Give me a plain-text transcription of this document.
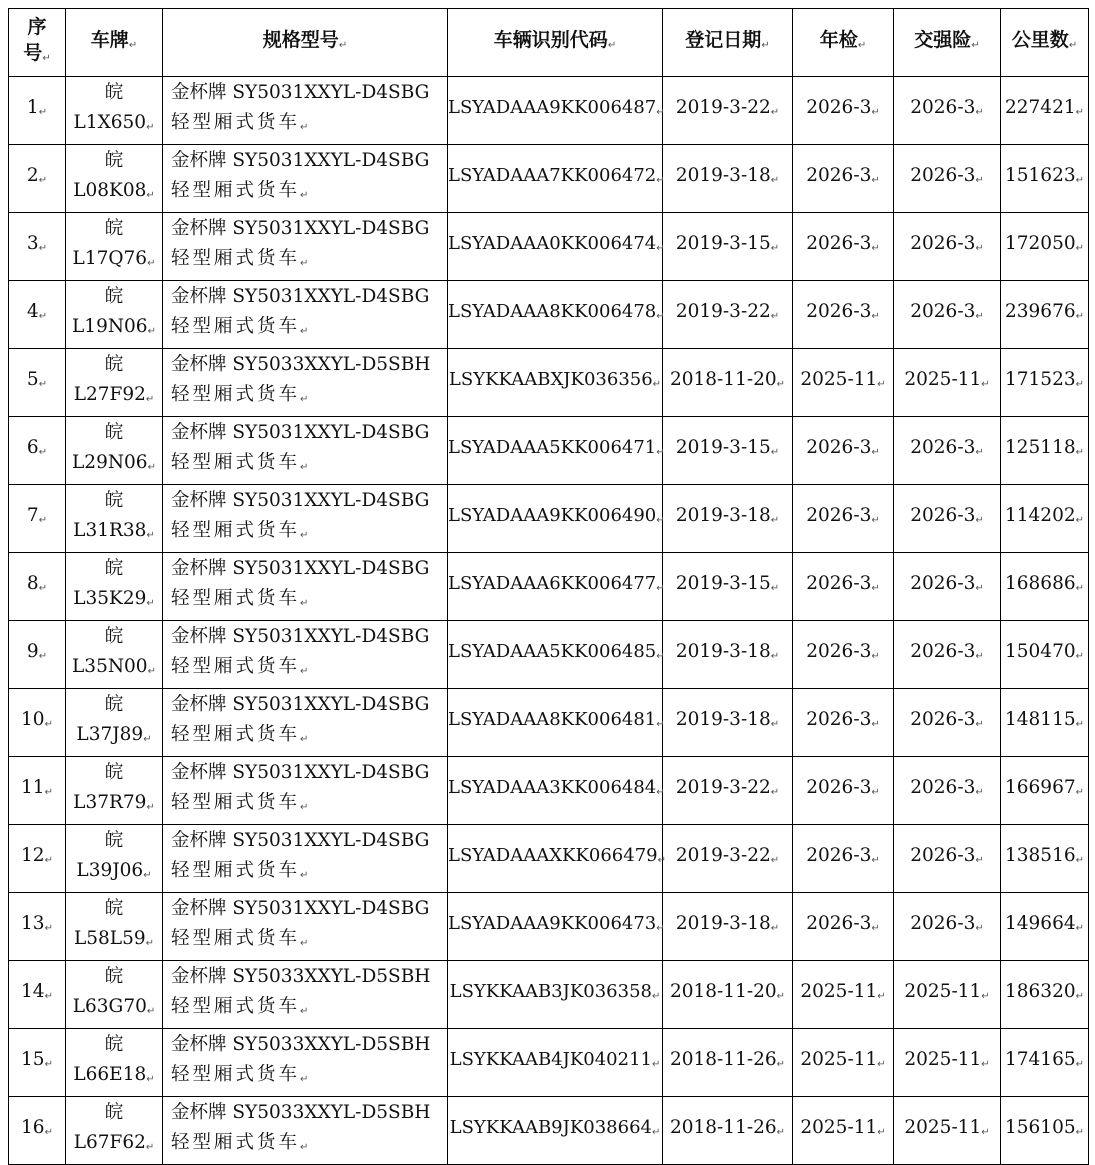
序
号↵	车牌↵	规格型号↵	车辆识别代码↵	登记日期↵	年检↵	交强险↵	公里数↵
1↵	皖
L1X650↵	金杯牌 SY5031XXYL-D4SBG
轻型厢式货车↵	LSYADAAA9KK006487↵	2019-3-22↵	2026-3↵	2026-3↵	227421↵
2↵	皖
L08K08↵	金杯牌 SY5031XXYL-D4SBG
轻型厢式货车↵	LSYADAAA7KK006472↵	2019-3-18↵	2026-3↵	2026-3↵	151623↵
3↵	皖
L17Q76↵	金杯牌 SY5031XXYL-D4SBG
轻型厢式货车↵	LSYADAAA0KK006474↵	2019-3-15↵	2026-3↵	2026-3↵	172050↵
4↵	皖
L19N06↵	金杯牌 SY5031XXYL-D4SBG
轻型厢式货车↵	LSYADAAA8KK006478↵	2019-3-22↵	2026-3↵	2026-3↵	239676↵
5↵	皖
L27F92↵	金杯牌 SY5033XXYL-D5SBH
轻型厢式货车↵	LSYKKAABXJK036356↵	2018-11-20↵	2025-11↵	2025-11↵	171523↵
6↵	皖
L29N06↵	金杯牌 SY5031XXYL-D4SBG
轻型厢式货车↵	LSYADAAA5KK006471↵	2019-3-15↵	2026-3↵	2026-3↵	125118↵
7↵	皖
L31R38↵	金杯牌 SY5031XXYL-D4SBG
轻型厢式货车↵	LSYADAAA9KK006490↵	2019-3-18↵	2026-3↵	2026-3↵	114202↵
8↵	皖
L35K29↵	金杯牌 SY5031XXYL-D4SBG
轻型厢式货车↵	LSYADAAA6KK006477↵	2019-3-15↵	2026-3↵	2026-3↵	168686↵
9↵	皖
L35N00↵	金杯牌 SY5031XXYL-D4SBG
轻型厢式货车↵	LSYADAAA5KK006485↵	2019-3-18↵	2026-3↵	2026-3↵	150470↵
10↵	皖
L37J89↵	金杯牌 SY5031XXYL-D4SBG
轻型厢式货车↵	LSYADAAA8KK006481↵	2019-3-18↵	2026-3↵	2026-3↵	148115↵
11↵	皖
L37R79↵	金杯牌 SY5031XXYL-D4SBG
轻型厢式货车↵	LSYADAAA3KK006484↵	2019-3-22↵	2026-3↵	2026-3↵	166967↵
12↵	皖
L39J06↵	金杯牌 SY5031XXYL-D4SBG
轻型厢式货车↵	LSYADAAAXKK066479↵	2019-3-22↵	2026-3↵	2026-3↵	138516↵
13↵	皖
L58L59↵	金杯牌 SY5031XXYL-D4SBG
轻型厢式货车↵	LSYADAAA9KK006473↵	2019-3-18↵	2026-3↵	2026-3↵	149664↵
14↵	皖
L63G70↵	金杯牌 SY5033XXYL-D5SBH
轻型厢式货车↵	LSYKKAAB3JK036358↵	2018-11-20↵	2025-11↵	2025-11↵	186320↵
15↵	皖
L66E18↵	金杯牌 SY5033XXYL-D5SBH
轻型厢式货车↵	LSYKKAAB4JK040211↵	2018-11-26↵	2025-11↵	2025-11↵	174165↵
16↵	皖
L67F62↵	金杯牌 SY5033XXYL-D5SBH
轻型厢式货车↵	LSYKKAAB9JK038664↵	2018-11-26↵	2025-11↵	2025-11↵	156105↵
